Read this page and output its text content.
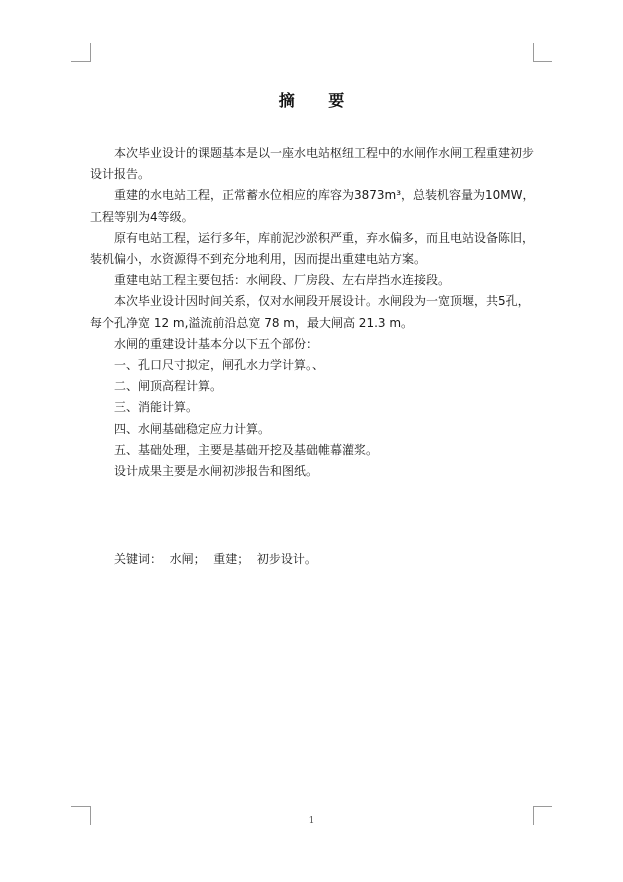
摘 要

本次毕业设计的课题基本是以一座水电站枢纽工程中的水闸作水闸工程重建初步设计报告。

重建的水电站工程，正常蓄水位相应的库容为3873m³，总装机容量为10MW，工程等别为4等级。

原有电站工程，运行多年，库前泥沙淤积严重，弃水偏多，而且电站设备陈旧，装机偏小，水资源得不到充分地利用，因而提出重建电站方案。

重建电站工程主要包括：水闸段、厂房段、左右岸挡水连接段。

本次毕业设计因时间关系，仅对水闸段开展设计。水闸段为一宽顶堰，共5孔，每个孔净宽 12 m,溢流前沿总宽 78 m，最大闸高 21.3 m。

水闸的重建设计基本分以下五个部份：

一、孔口尺寸拟定，闸孔水力学计算。、

二、闸顶高程计算。

三、消能计算。

四、水闸基础稳定应力计算。

五、基础处理，主要是基础开挖及基础帷幕灌浆。

设计成果主要是水闸初涉报告和图纸。

关键词：  水闸；  重建；  初步设计。
1
